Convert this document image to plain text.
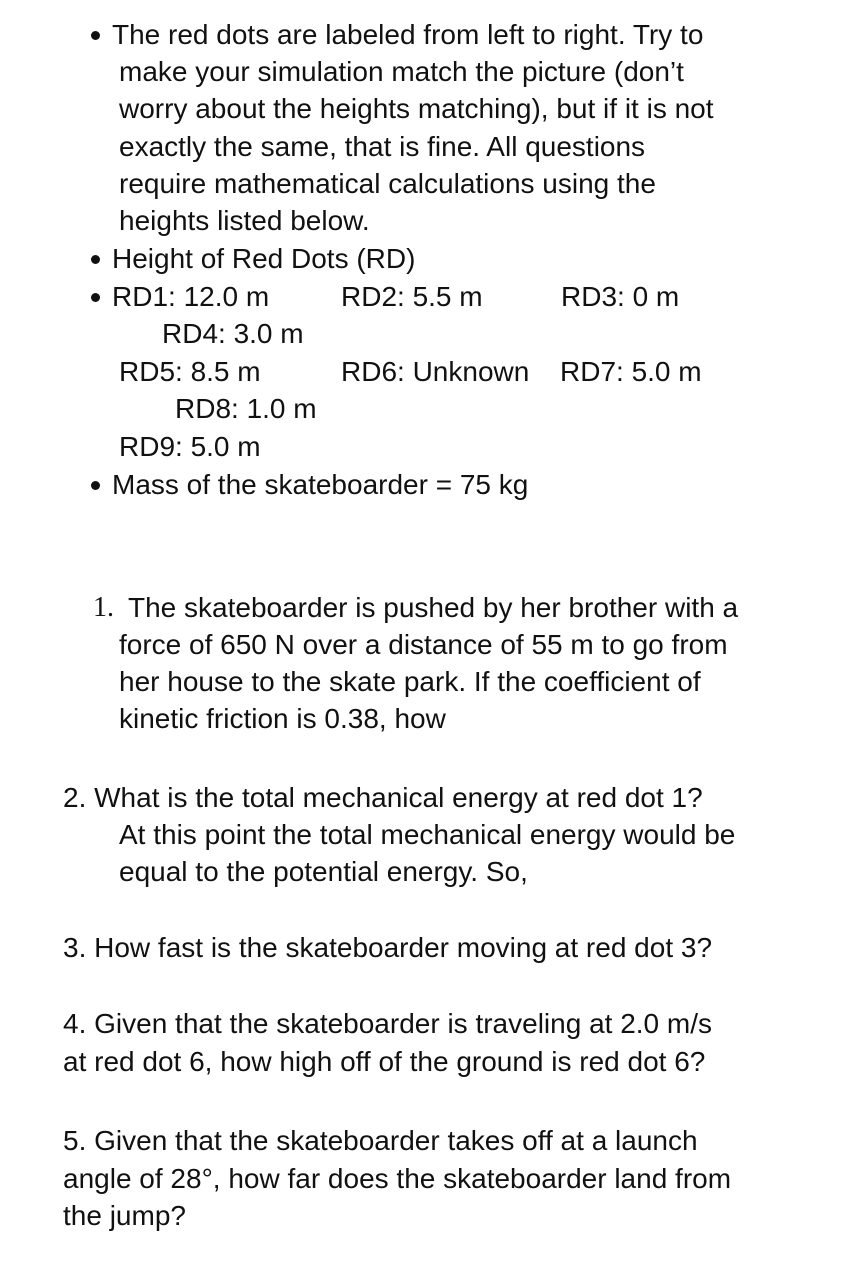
The red dots are labeled from left to right. Try to
make your simulation match the picture (don’t
worry about the heights matching), but if it is not
exactly the same, that is fine. All questions
require mathematical calculations using the
heights listed below.
Height of Red Dots (RD)
RD1: 12.0 m	RD2: 5.5 m	RD3: 0 m
RD4: 3.0 m
RD5: 8.5 m	RD6: Unknown RD7: 5.0 m
RD8: 1.0 m
RD9: 5.0 m
Mass of the skateboarder = 75 kg
1. The skateboarder is pushed by her brother with a
force of 650 N over a distance of 55 m to go from
her house to the skate park. If the coefficient of
kinetic friction is 0.38, how
2. What is the total mechanical energy at red dot 1?
At this point the total mechanical energy would be
equal to the potential energy. So,
3. How fast is the skateboarder moving at red dot 3?
4. Given that the skateboarder is traveling at 2.0 m/s
at red dot 6, how high off of the ground is red dot 6?
5. Given that the skateboarder takes off at a launch
angle of 28°, how far does the skateboarder land from
the jump?
